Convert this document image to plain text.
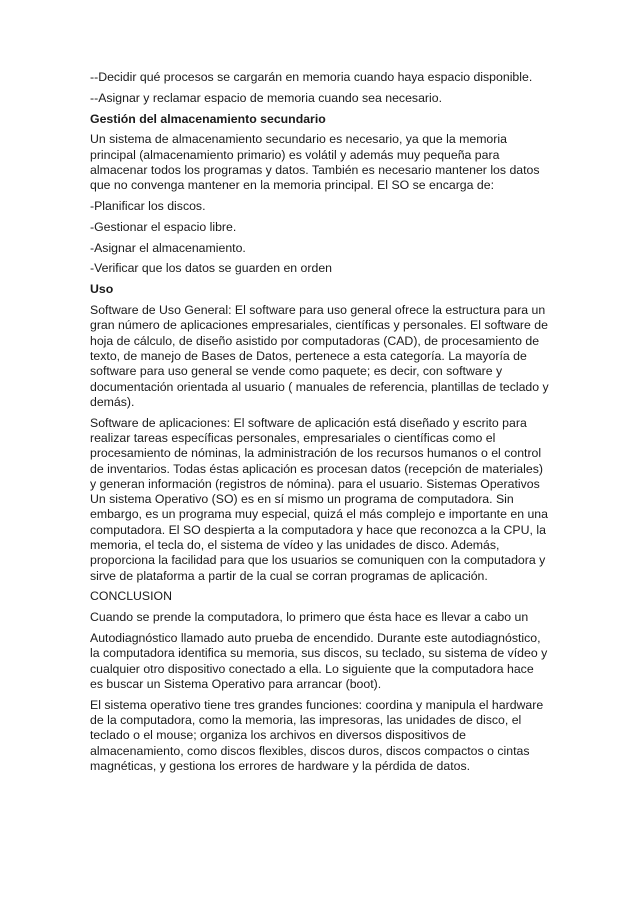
--Decidir qué procesos se cargarán en memoria cuando haya espacio disponible.

--Asignar y reclamar espacio de memoria cuando sea necesario.

Gestión del almacenamiento secundario

Un sistema de almacenamiento secundario es necesario, ya que la memoria principal (almacenamiento primario) es volátil y además muy pequeña para almacenar todos los programas y datos. También es necesario mantener los datos que no convenga mantener en la memoria principal. El SO se encarga de:

-Planificar los discos.

-Gestionar el espacio libre.

-Asignar el almacenamiento.

-Verificar que los datos se guarden en orden

Uso

Software de Uso General: El software para uso general ofrece la estructura para un gran número de aplicaciones empresariales, científicas y personales. El software de hoja de cálculo, de diseño asistido por computadoras (CAD), de procesamiento de texto, de manejo de Bases de Datos, pertenece a esta categoría. La mayoría de software para uso general se vende como paquete; es decir, con software y documentación orientada al usuario ( manuales de referencia, plantillas de teclado y demás).

Software de aplicaciones: El software de aplicación está diseñado y escrito para realizar tareas específicas personales, empresariales o científicas como el procesamiento de nóminas, la administración de los recursos humanos o el control de inventarios. Todas éstas aplicación es procesan datos (recepción de materiales) y generan información (registros de nómina). para el usuario. Sistemas Operativos Un sistema Operativo (SO) es en sí mismo un programa de computadora. Sin embargo, es un programa muy especial, quizá el más complejo e importante en una computadora. El SO despierta a la computadora y hace que reconozca a la CPU, la memoria, el tecla do, el sistema de vídeo y las unidades de disco. Además, proporciona la facilidad para que los usuarios se comuniquen con la computadora y sirve de plataforma a partir de la cual se corran programas de aplicación.

CONCLUSION

Cuando se prende la computadora, lo primero que ésta hace es llevar a cabo un

Autodiagnóstico llamado auto prueba de encendido. Durante este autodiagnóstico, la computadora identifica su memoria, sus discos, su teclado, su sistema de vídeo y cualquier otro dispositivo conectado a ella. Lo siguiente que la computadora hace es buscar un Sistema Operativo para arrancar (boot).

El sistema operativo tiene tres grandes funciones: coordina y manipula el hardware de la computadora, como la memoria, las impresoras, las unidades de disco, el teclado o el mouse; organiza los archivos en diversos dispositivos de almacenamiento, como discos flexibles, discos duros, discos compactos o cintas magnéticas, y gestiona los errores de hardware y la pérdida de datos.
